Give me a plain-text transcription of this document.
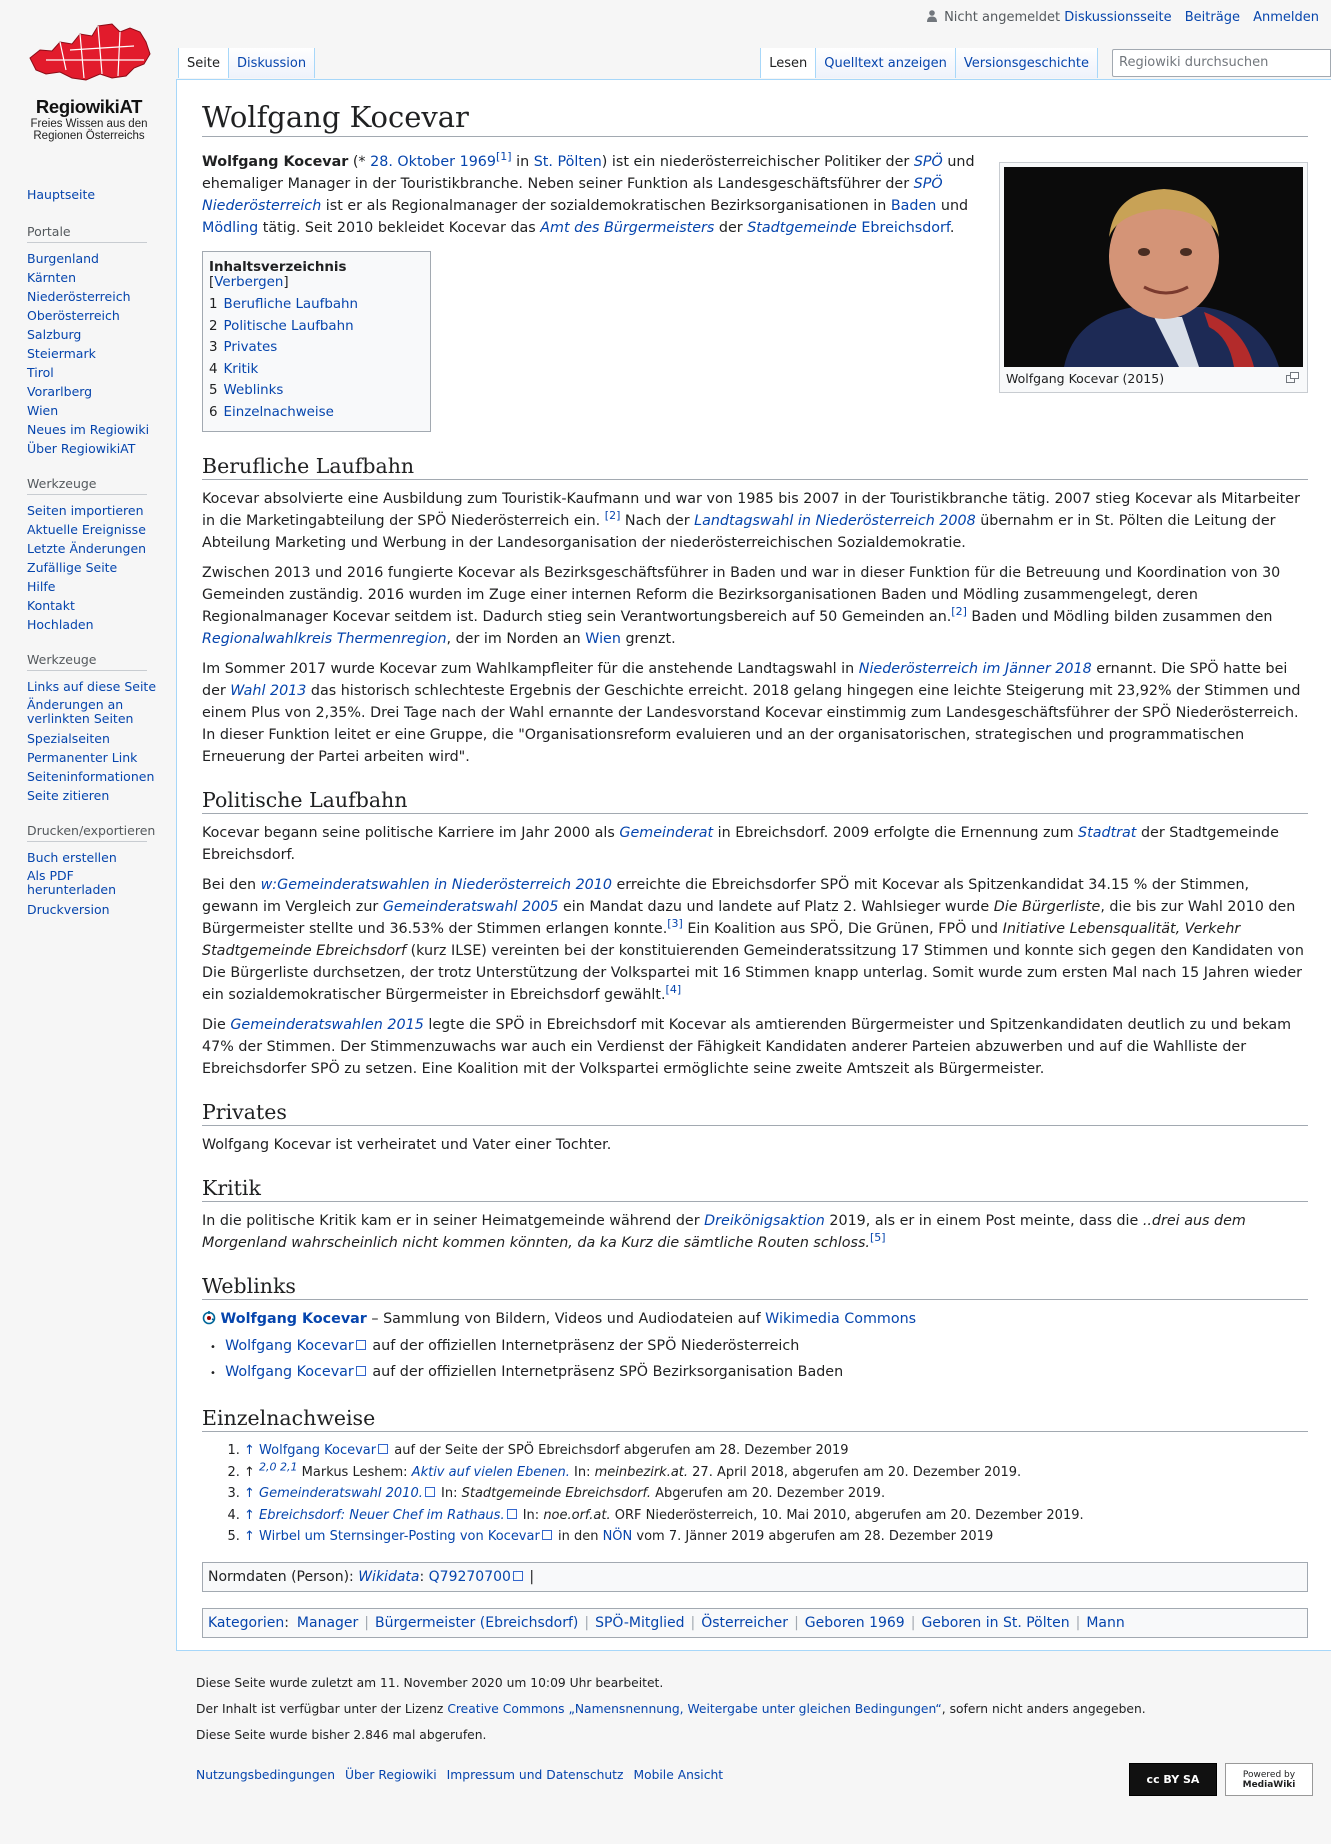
Nicht angemeldet Diskussionsseite Beiträge Anmelden
RegiowikiAT
Freies Wissen aus den
Regionen Österreichs
Hauptseite
Portale
Burgenland
Kärnten
Niederösterreich
Oberösterreich
Salzburg
Steiermark
Tirol
Vorarlberg
Wien
Neues im Regiowiki
Über RegiowikiAT
Werkzeuge
Seiten importieren
Aktuelle Ereignisse
Letzte Änderungen
Zufällige Seite
Hilfe
Kontakt
Hochladen
Werkzeuge
Links auf diese Seite
Änderungen an verlinkten Seiten
Spezialseiten
Permanenter Link
Seiteninformationen
Seite zitieren
Drucken/exportieren
Buch erstellen
Als PDF herunterladen
Druckversion
Seite	Diskussion	Lesen	Quelltext anzeigen	Versionsgeschichte	Regiowiki durchsuchen
Wolfgang Kocevar
Wolfgang Kocevar (2015)

Wolfgang Kocevar (* 28. Oktober 1969[1] in St. Pölten) ist ein niederösterreichischer Politiker der SPÖ und ehemaliger Manager in der Touristikbranche. Neben seiner Funktion als Landesgeschäftsführer der SPÖ Niederösterreich ist er als Regionalmanager der sozialdemokratischen Bezirksorganisationen in Baden und Mödling tätig. Seit 2010 bekleidet Kocevar das Amt des Bürgermeisters der Stadtgemeinde Ebreichsdorf.

Inhaltsverzeichnis [Verbergen]
1 Berufliche Laufbahn
2 Politische Laufbahn
3 Privates
4 Kritik
5 Weblinks
6 Einzelnachweise
Berufliche Laufbahn

Kocevar absolvierte eine Ausbildung zum Touristik-Kaufmann und war von 1985 bis 2007 in der Touristikbranche tätig. 2007 stieg Kocevar als Mitarbeiter in die Marketingabteilung der SPÖ Niederösterreich ein. [2] Nach der Landtagswahl in Niederösterreich 2008 übernahm er in St. Pölten die Leitung der Abteilung Marketing und Werbung in der Landesorganisation der niederösterreichischen Sozialdemokratie.

Zwischen 2013 und 2016 fungierte Kocevar als Bezirksgeschäftsführer in Baden und war in dieser Funktion für die Betreuung und Koordination von 30 Gemeinden zuständig. 2016 wurden im Zuge einer internen Reform die Bezirksorganisationen Baden und Mödling zusammengelegt, deren Regionalmanager Kocevar seitdem ist. Dadurch stieg sein Verantwortungsbereich auf 50 Gemeinden an.[2] Baden und Mödling bilden zusammen den Regionalwahlkreis Thermenregion, der im Norden an Wien grenzt.

Im Sommer 2017 wurde Kocevar zum Wahlkampfleiter für die anstehende Landtagswahl in Niederösterreich im Jänner 2018 ernannt. Die SPÖ hatte bei der Wahl 2013 das historisch schlechteste Ergebnis der Geschichte erreicht. 2018 gelang hingegen eine leichte Steigerung mit 23,92% der Stimmen und einem Plus von 2,35%. Drei Tage nach der Wahl ernannte der Landesvorstand Kocevar einstimmig zum Landesgeschäftsführer der SPÖ Niederösterreich. In dieser Funktion leitet er eine Gruppe, die "Organisationsreform evaluieren und an der organisatorischen, strategischen und programmatischen Erneuerung der Partei arbeiten wird".

Politische Laufbahn

Kocevar begann seine politische Karriere im Jahr 2000 als Gemeinderat in Ebreichsdorf. 2009 erfolgte die Ernennung zum Stadtrat der Stadtgemeinde Ebreichsdorf.

Bei den w:Gemeinderatswahlen in Niederösterreich 2010 erreichte die Ebreichsdorfer SPÖ mit Kocevar als Spitzenkandidat 34.15 % der Stimmen, gewann im Vergleich zur Gemeinderatswahl 2005 ein Mandat dazu und landete auf Platz 2. Wahlsieger wurde Die Bürgerliste, die bis zur Wahl 2010 den Bürgermeister stellte und 36.53% der Stimmen erlangen konnte.[3] Ein Koalition aus SPÖ, Die Grünen, FPÖ und Initiative Lebensqualität, Verkehr Stadtgemeinde Ebreichsdorf (kurz ILSE) vereinten bei der konstituierenden Gemeinderatssitzung 17 Stimmen und konnte sich gegen den Kandidaten von Die Bürgerliste durchsetzen, der trotz Unterstützung der Volkspartei mit 16 Stimmen knapp unterlag. Somit wurde zum ersten Mal nach 15 Jahren wieder ein sozialdemokratischer Bürgermeister in Ebreichsdorf gewählt.[4]

Die Gemeinderatswahlen 2015 legte die SPÖ in Ebreichsdorf mit Kocevar als amtierenden Bürgermeister und Spitzenkandidaten deutlich zu und bekam 47% der Stimmen. Der Stimmenzuwachs war auch ein Verdienst der Fähigkeit Kandidaten anderer Parteien abzuwerben und auf die Wahlliste der Ebreichsdorfer SPÖ zu setzen. Eine Koalition mit der Volkspartei ermöglichte seine zweite Amtszeit als Bürgermeister.

Privates

Wolfgang Kocevar ist verheiratet und Vater einer Tochter.

Kritik

In die politische Kritik kam er in seiner Heimatgemeinde während der Dreikönigsaktion 2019, als er in einem Post meinte, dass die ..drei aus dem Morgenland wahrscheinlich nicht kommen könnten, da ka Kurz die sämtliche Routen schloss.[5]

Weblinks
Wolfgang Kocevar – Sammlung von Bildern, Videos und Audiodateien auf Wikimedia Commons
• Wolfgang Kocevar auf der offiziellen Internetpräsenz der SPÖ Niederösterreich
• Wolfgang Kocevar auf der offiziellen Internetpräsenz SPÖ Bezirksorganisation Baden
Einzelnachweise
1. ↑ Wolfgang Kocevar auf der Seite der SPÖ Ebreichsdorf abgerufen am 28. Dezember 2019
2. ↑ $^{2,0 2,1}$ Markus Leshem: Aktiv auf vielen Ebenen. In: meinbezirk.at. 27. April 2018, abgerufen am 20. Dezember 2019.
3. ↑ Gemeinderatswahl 2010. In: Stadtgemeinde Ebreichsdorf. Abgerufen am 20. Dezember 2019.
4. ↑ Ebreichsdorf: Neuer Chef im Rathaus. In: noe.orf.at. ORF Niederösterreich, 10. Mai 2010, abgerufen am 20. Dezember 2019.
5. ↑ Wirbel um Sternsinger-Posting von Kocevar in den NÖN vom 7. Jänner 2019 abgerufen am 28. Dezember 2019
Normdaten (Person): Wikidata: Q79270700 |
Kategorien: Manager | Bürgermeister (Ebreichsdorf) | SPÖ-Mitglied | Österreicher | Geboren 1969 | Geboren in St. Pölten | Mann
Diese Seite wurde zuletzt am 11. November 2020 um 10:09 Uhr bearbeitet.
Der Inhalt ist verfügbar unter der Lizenz Creative Commons „Namensnennung, Weitergabe unter gleichen Bedingungen“, sofern nicht anders angegeben.
Diese Seite wurde bisher 2.846 mal abgerufen.
Nutzungsbedingungen Über Regiowiki Impressum und Datenschutz Mobile Ansicht	cc BY SA	Powered by
MediaWiki
